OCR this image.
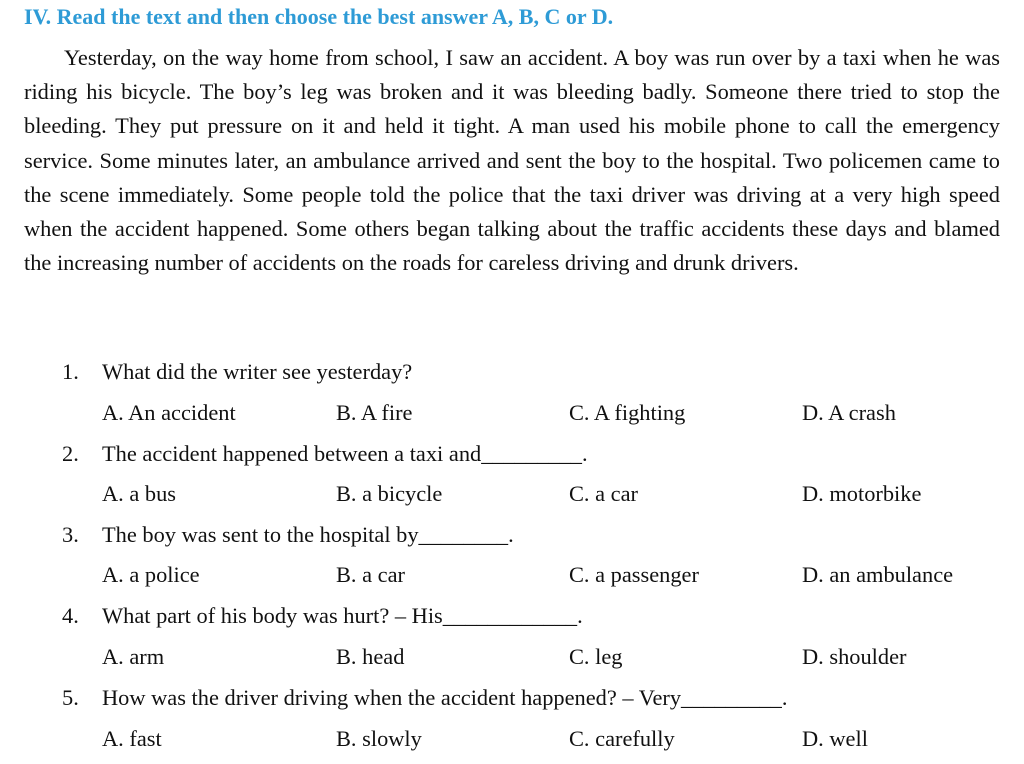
IV. Read the text and then choose the best answer A, B, C or D.

Yesterday, on the way home from school, I saw an accident. A boy was run over by a taxi when he was riding his bicycle. The boy’s leg was broken and it was bleeding badly. Someone there tried to stop the bleeding. They put pressure on it and held it tight. A man used his mobile phone to call the emergency service. Some minutes later, an ambulance arrived and sent the boy to the hospital. Two policemen came to the scene immediately. Some people told the police that the taxi driver was driving at a very high speed when the accident happened. Some others began talking about the traffic accidents these days and blamed the increasing number of accidents on the roads for careless driving and drunk drivers.

1. What did the writer see yesterday?
A. An accident	B. A fire	C. A fighting	D. A crash
2. The accident happened between a taxi and_________.
A. a bus	B. a bicycle	C. a car	D. motorbike
3. The boy was sent to the hospital by________.
A. a police	B. a car	C. a passenger	D. an ambulance
4. What part of his body was hurt? – His____________.
A. arm	B. head	C. leg	D. shoulder
5. How was the driver driving when the accident happened? – Very_________.
A. fast	B. slowly	C. carefully	D. well
